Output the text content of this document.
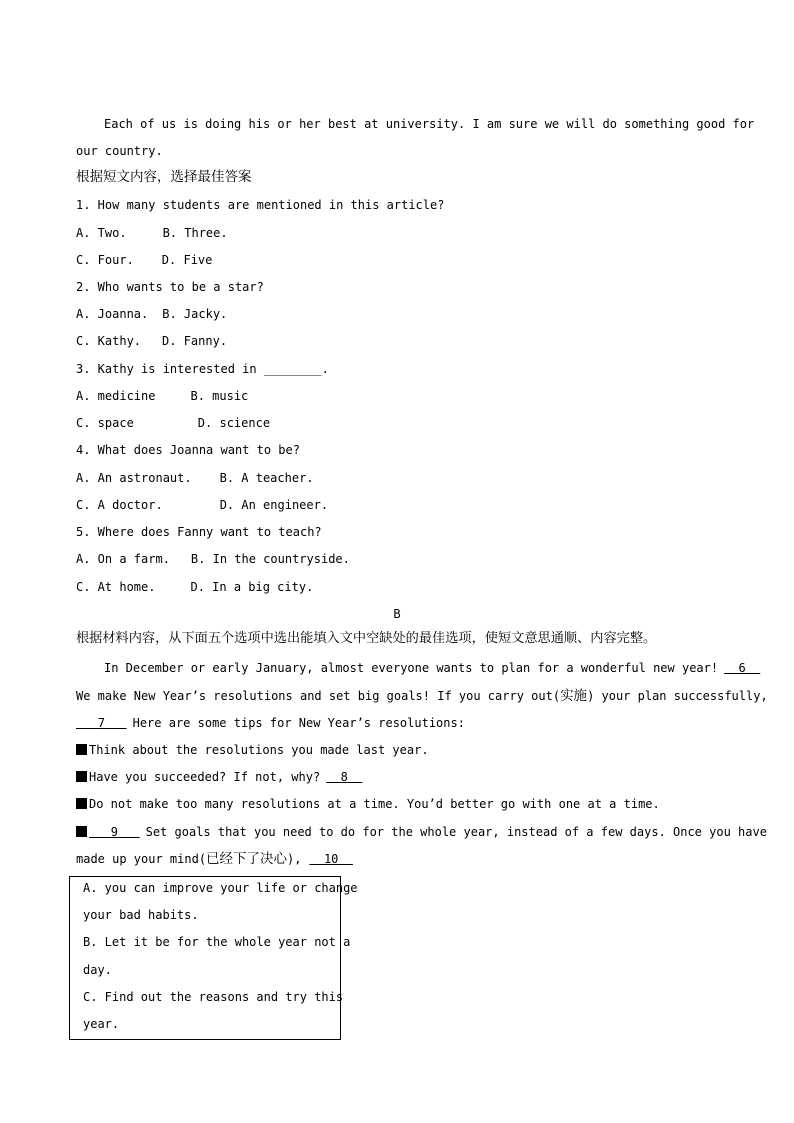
Each of us is doing his or her best at university. I am sure we will do something good for
our country.
根据短文内容，选择最佳答案
1. How many students are mentioned in this article?
A. Two.	B. Three.
C. Four. D. Five
2. Who wants to be a star?
A. Joanna. B. Jacky.
C. Kathy. D. Fanny.
3. Kathy is interested in ________.
A. medicine	B. music
C. space	D. science
4. What does Joanna want to be?
A. An astronaut. B. A teacher.
C. A doctor.	D. An engineer.
5. Where does Fanny want to teach?
A. On a farm. B. In the countryside.
C. At home.	D. In a big city.
B
根据材料内容，从下面五个选项中选出能填入文中空缺处的最佳选项，使短文意思通顺、内容完整。
In December or early January, almost everyone wants to plan for a wonderful new year! 6
We make New Year’s resolutions and set big goals! If you carry out(实施) your plan successfully,
7 Here are some tips for New Year’s resolutions:
Think about the resolutions you made last year.
Have you succeeded? If not, why? 8
Do not make too many resolutions at a time. You’d better go with one at a time.
9 Set goals that you need to do for the whole year, instead of a few days. Once you have
made up your mind(已经下了决心), 10
A. you can improve your life or change
your bad habits.
B. Let it be for the whole year not a
day.
C. Find out the reasons and try this
year.
